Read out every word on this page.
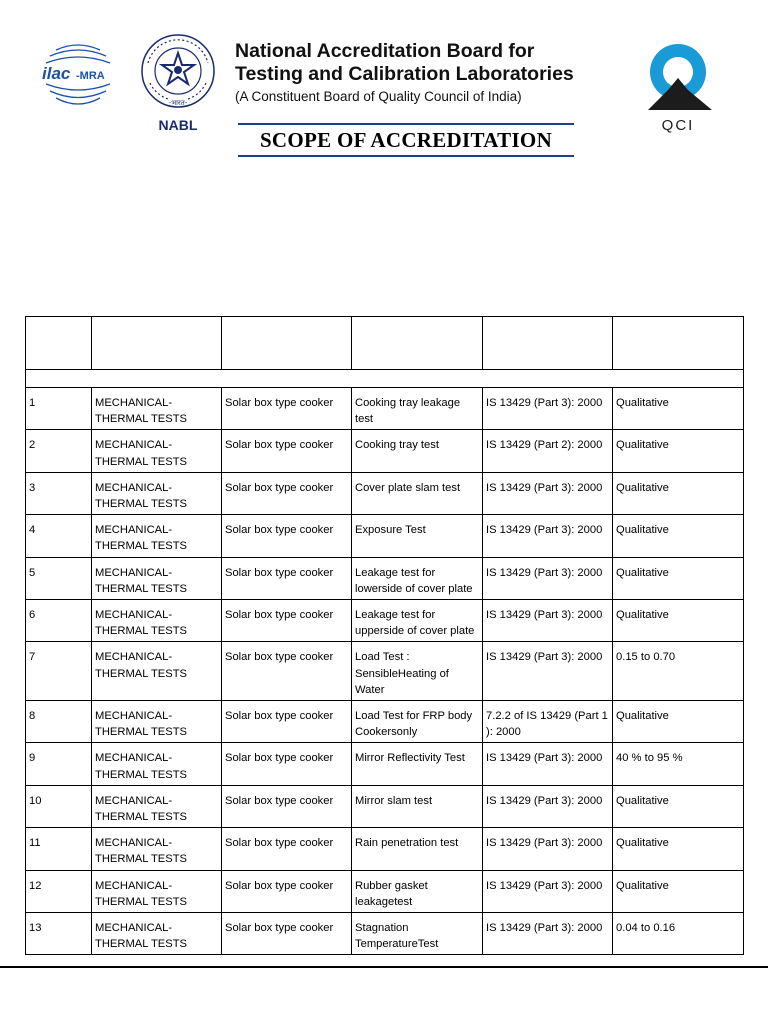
ilac -MRA
-भारत-
NABL
National Accreditation Board for
Testing and Calibration Laboratories
(A Constituent Board of Quality Council of India)
SCOPE OF ACCREDITATION
QCI

1	MECHANICAL- THERMAL TESTS	Solar box type cooker	Cooking tray leakage test	IS 13429 (Part 3): 2000	Qualitative
2	MECHANICAL- THERMAL TESTS	Solar box type cooker	Cooking tray test	IS 13429 (Part 2): 2000	Qualitative
3	MECHANICAL- THERMAL TESTS	Solar box type cooker	Cover plate slam test	IS 13429 (Part 3): 2000	Qualitative
4	MECHANICAL- THERMAL TESTS	Solar box type cooker	Exposure Test	IS 13429 (Part 3): 2000	Qualitative
5	MECHANICAL- THERMAL TESTS	Solar box type cooker	Leakage test for lowerside of cover plate	IS 13429 (Part 3): 2000	Qualitative
6	MECHANICAL- THERMAL TESTS	Solar box type cooker	Leakage test for upperside of cover plate	IS 13429 (Part 3): 2000	Qualitative
7	MECHANICAL- THERMAL TESTS	Solar box type cooker	Load Test : SensibleHeating of Water	IS 13429 (Part 3): 2000	0.15 to 0.70
8	MECHANICAL- THERMAL TESTS	Solar box type cooker	Load Test for FRP body Cookersonly	7.2.2 of IS 13429 (Part 1 ): 2000	Qualitative
9	MECHANICAL- THERMAL TESTS	Solar box type cooker	Mirror Reflectivity Test	IS 13429 (Part 3): 2000	40 % to 95 %
10	MECHANICAL- THERMAL TESTS	Solar box type cooker	Mirror slam test	IS 13429 (Part 3): 2000	Qualitative
11	MECHANICAL- THERMAL TESTS	Solar box type cooker	Rain penetration test	IS 13429 (Part 3): 2000	Qualitative
12	MECHANICAL- THERMAL TESTS	Solar box type cooker	Rubber gasket leakagetest	IS 13429 (Part 3): 2000	Qualitative
13	MECHANICAL- THERMAL TESTS	Solar box type cooker	Stagnation TemperatureTest	IS 13429 (Part 3): 2000	0.04 to 0.16
